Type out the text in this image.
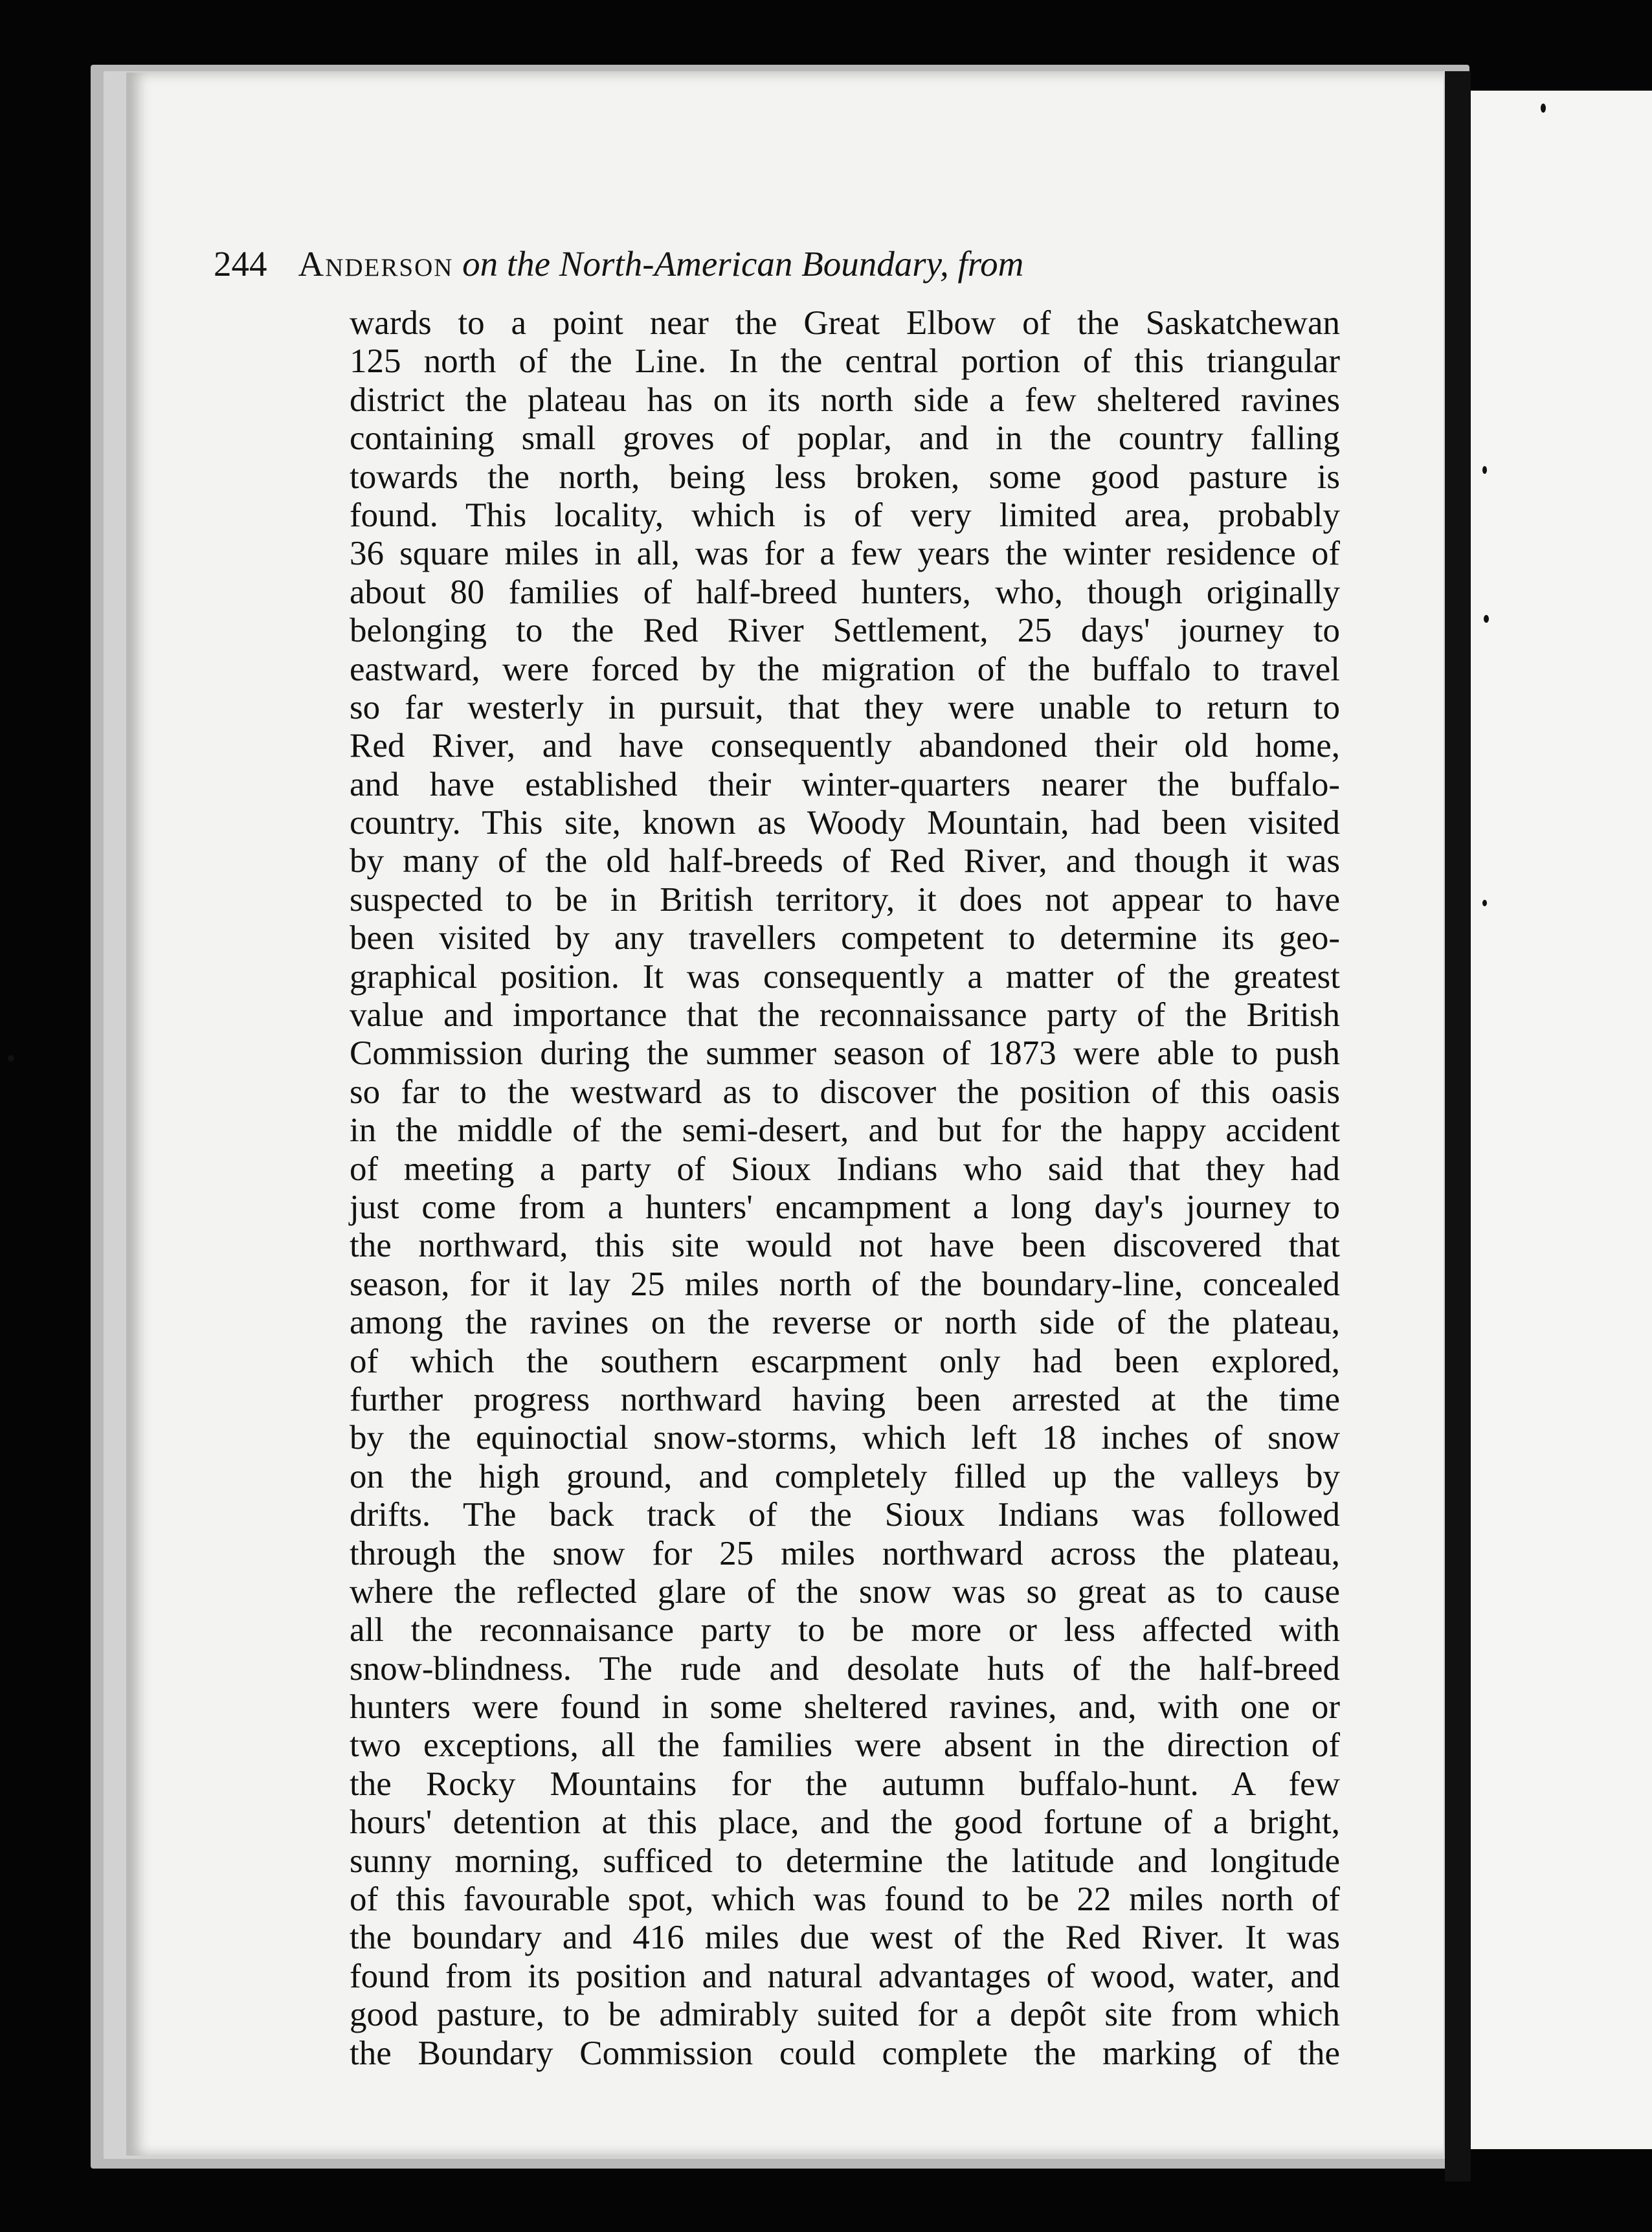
244 Anderson on the North-American Boundary, from
wards to a point near the Great Elbow of the Saskatchewan
125 north of the Line. In the central portion of this triangular
district the plateau has on its north side a few sheltered ravines
containing small groves of poplar, and in the country falling
towards the north, being less broken, some good pasture is
found. This locality, which is of very limited area, probably
36 square miles in all, was for a few years the winter residence of
about 80 families of half-breed hunters, who, though originally
belonging to the Red River Settlement, 25 days' journey to
eastward, were forced by the migration of the buffalo to travel
so far westerly in pursuit, that they were unable to return to
Red River, and have consequently abandoned their old home,
and have established their winter-quarters nearer the buffalo-
country. This site, known as Woody Mountain, had been visited
by many of the old half-breeds of Red River, and though it was
suspected to be in British territory, it does not appear to have
been visited by any travellers competent to determine its geo-
graphical position. It was consequently a matter of the greatest
value and importance that the reconnaissance party of the British
Commission during the summer season of 1873 were able to push
so far to the westward as to discover the position of this oasis
in the middle of the semi-desert, and but for the happy accident
of meeting a party of Sioux Indians who said that they had
just come from a hunters' encampment a long day's journey to
the northward, this site would not have been discovered that
season, for it lay 25 miles north of the boundary-line, concealed
among the ravines on the reverse or north side of the plateau,
of which the southern escarpment only had been explored,
further progress northward having been arrested at the time
by the equinoctial snow-storms, which left 18 inches of snow
on the high ground, and completely filled up the valleys by
drifts. The back track of the Sioux Indians was followed
through the snow for 25 miles northward across the plateau,
where the reflected glare of the snow was so great as to cause
all the reconnaisance party to be more or less affected with
snow-blindness. The rude and desolate huts of the half-breed
hunters were found in some sheltered ravines, and, with one or
two exceptions, all the families were absent in the direction of
the Rocky Mountains for the autumn buffalo-hunt. A few
hours' detention at this place, and the good fortune of a bright,
sunny morning, sufficed to determine the latitude and longitude
of this favourable spot, which was found to be 22 miles north of
the boundary and 416 miles due west of the Red River. It was
found from its position and natural advantages of wood, water, and
good pasture, to be admirably suited for a depôt site from which
the Boundary Commission could complete the marking of the
